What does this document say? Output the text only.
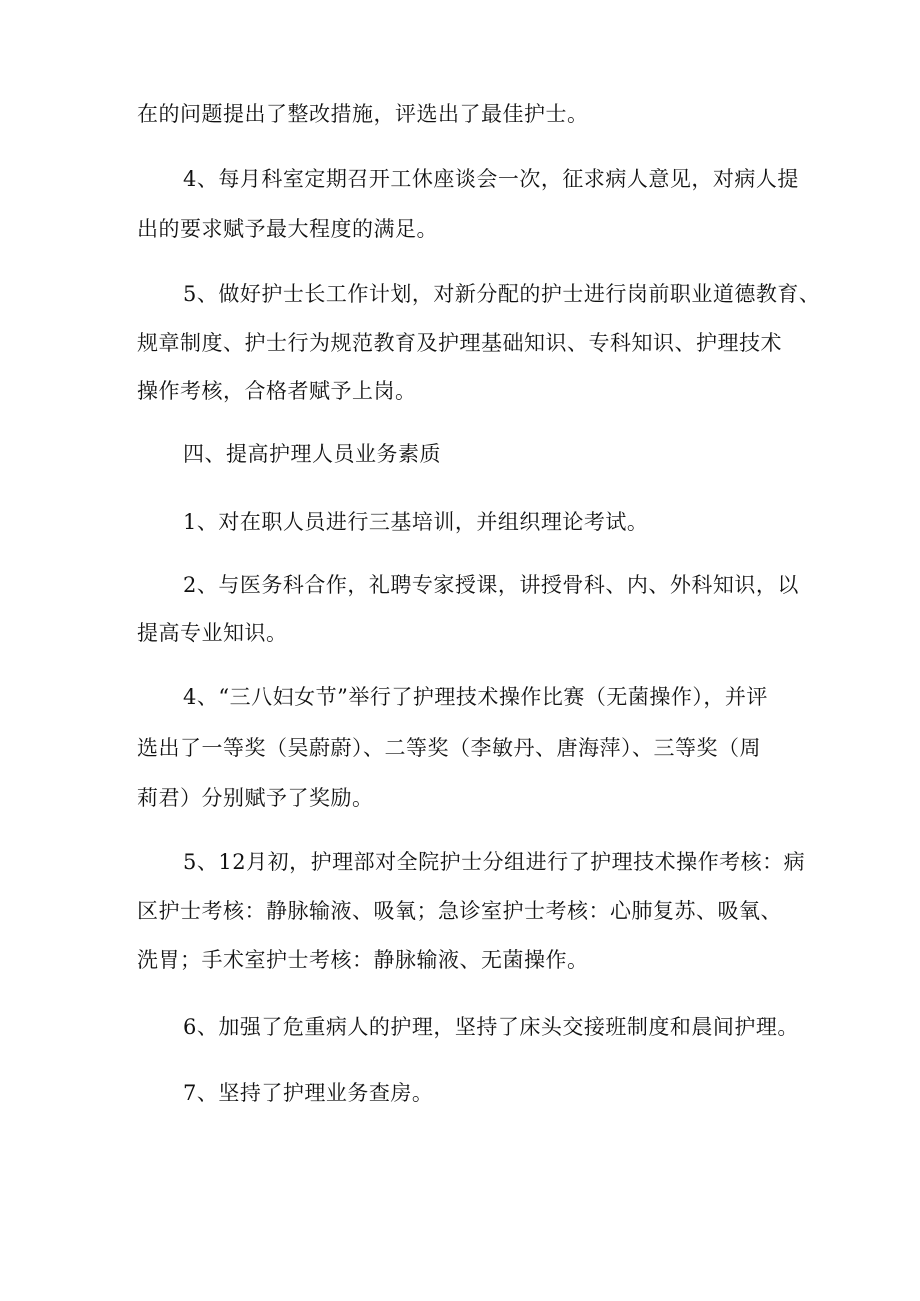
在的问题提出了整改措施，评选出了最佳护士。
4、每月科室定期召开工休座谈会一次，征求病人意见，对病人提
出的要求赋予最大程度的满足。
5、做好护士长工作计划，对新分配的护士进行岗前职业道德教育、
规章制度、护士行为规范教育及护理基础知识、专科知识、护理技术
操作考核，合格者赋予上岗。
四、提高护理人员业务素质
1、对在职人员进行三基培训，并组织理论考试。
2、与医务科合作，礼聘专家授课，讲授骨科、内、外科知识，以
提高专业知识。
4、“三八妇女节”举行了护理技术操作比赛（无菌操作），并评
选出了一等奖（吴蔚蔚）、二等奖（李敏丹、唐海萍）、三等奖（周
莉君）分别赋予了奖励。
5、12月初，护理部对全院护士分组进行了护理技术操作考核：病
区护士考核：静脉输液、吸氧；急诊室护士考核：心肺复苏、吸氧、
洗胃；手术室护士考核：静脉输液、无菌操作。
6、加强了危重病人的护理，坚持了床头交接班制度和晨间护理。
7、坚持了护理业务查房。
